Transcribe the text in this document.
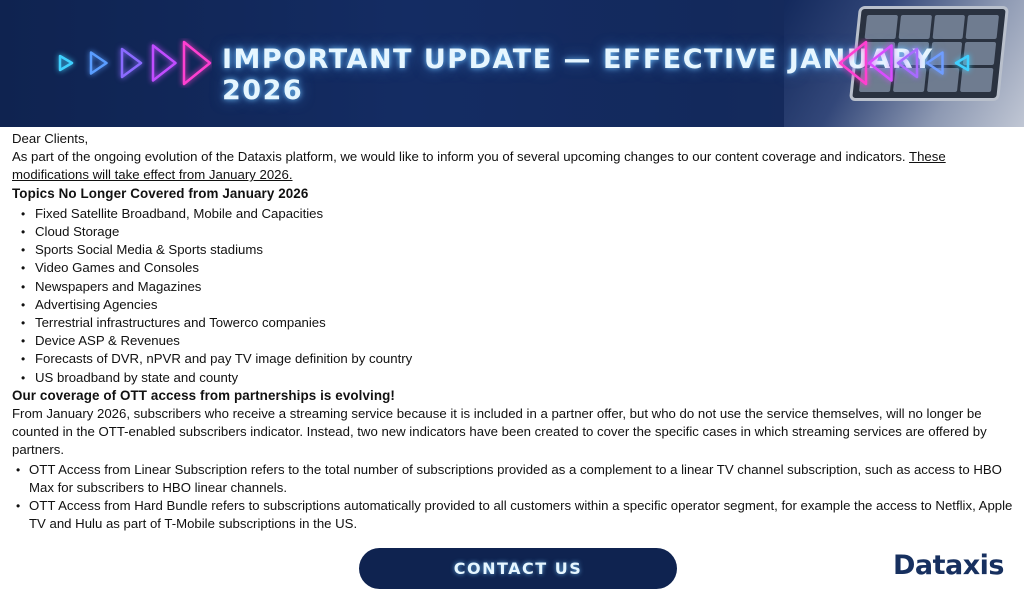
IMPORTANT UPDATE — EFFECTIVE JANUARY 2026

Dear Clients,

As part of the ongoing evolution of the Dataxis platform, we would like to inform you of several upcoming changes to our content coverage and indicators. These modifications will take effect from January 2026.

Topics No Longer Covered from January 2026

• Fixed Satellite Broadband, Mobile and Capacities
• Cloud Storage
• Sports Social Media & Sports stadiums
• Video Games and Consoles
• Newspapers and Magazines
• Advertising Agencies
• Terrestrial infrastructures and Towerco companies
• Device ASP & Revenues
• Forecasts of DVR, nPVR and pay TV image definition by country
• US broadband by state and county

Our coverage of OTT access from partnerships is evolving!

From January 2026, subscribers who receive a streaming service because it is included in a partner offer, but who do not use the service themselves, will no longer be counted in the OTT-enabled subscribers indicator. Instead, two new indicators have been created to cover the specific cases in which streaming services are offered by partners.

• OTT Access from Linear Subscription refers to the total number of subscriptions provided as a complement to a linear TV channel subscription, such as access to HBO Max for subscribers to HBO linear channels.
• OTT Access from Hard Bundle refers to subscriptions automatically provided to all customers within a specific operator segment, for example the access to Netflix, Apple TV and Hulu as part of T-Mobile subscriptions in the US.
CONTACT US	Dataxis
